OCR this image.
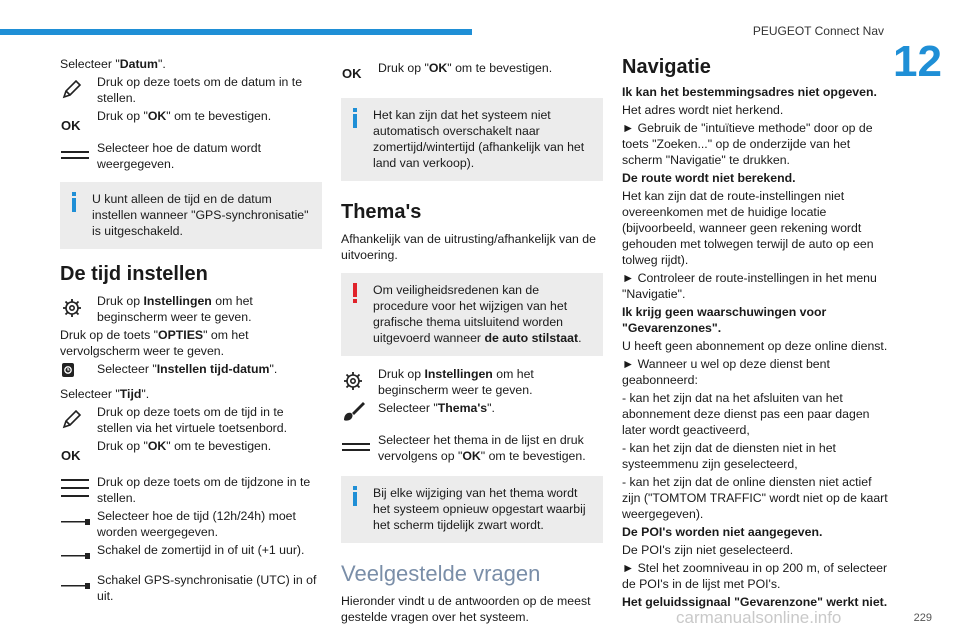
PEUGEOT Connect Nav
12

Selecteer "Datum".

Druk op deze toets om de datum in te stellen.
OK
Druk op "OK" om te bevestigen.
Selecteer hoe de datum wordt weergegeven.
U kunt alleen de tijd en de datum instellen wanneer "GPS-synchronisatie" is uitgeschakeld.
De tijd instellen
Druk op Instellingen om het beginscherm weer te geven.

Druk op de toets "OPTIES" om het vervolgscherm weer te geven.

Selecteer "Instellen tijd-datum".

Selecteer "Tijd".

Druk op deze toets om de tijd in te stellen via het virtuele toetsenbord.
OK
Druk op "OK" om te bevestigen.
Druk op deze toets om de tijdzone in te stellen.
Selecteer hoe de tijd (12h/24h) moet worden weergegeven.
Schakel de zomertijd in of uit (+1 uur).
Schakel GPS-synchronisatie (UTC) in of uit.
OK	Druk op "OK" om te bevestigen.
Het kan zijn dat het systeem niet automatisch overschakelt naar zomertijd/wintertijd (afhankelijk van het land van verkoop).
Thema's

Afhankelijk van de uitrusting/afhankelijk van de uitvoering.

Om veiligheidsredenen kan de procedure voor het wijzigen van het grafische thema uitsluitend worden uitgevoerd wanneer de auto stilstaat.
Druk op Instellingen om het beginscherm weer te geven.
Selecteer "Thema's".
Selecteer het thema in de lijst en druk vervolgens op "OK" om te bevestigen.
Bij elke wijziging van het thema wordt het systeem opnieuw opgestart waarbij het scherm tijdelijk zwart wordt.
Veelgestelde vragen

Hieronder vindt u de antwoorden op de meest gestelde vragen over het systeem.

Navigatie

Ik kan het bestemmingsadres niet opgeven.

Het adres wordt niet herkend.

► Gebruik de "intuïtieve methode" door op de toets "Zoeken..." op de onderzijde van het scherm "Navigatie" te drukken.

De route wordt niet berekend.

Het kan zijn dat de route-instellingen niet overeenkomen met de huidige locatie (bijvoorbeeld, wanneer geen rekening wordt gehouden met tolwegen terwijl de auto op een tolweg rijdt).

► Controleer de route-instellingen in het menu "Navigatie".

Ik krijg geen waarschuwingen voor "Gevarenzones".

U heeft geen abonnement op deze online dienst.

► Wanneer u wel op deze dienst bent geabonneerd:

- kan het zijn dat na het afsluiten van het abonnement deze dienst pas een paar dagen later wordt geactiveerd,

- kan het zijn dat de diensten niet in het systeemmenu zijn geselecteerd,

- kan het zijn dat de online diensten niet actief zijn ("TOMTOM TRAFFIC" wordt niet op de kaart weergegeven).

De POI's worden niet aangegeven.

De POI's zijn niet geselecteerd.

► Stel het zoomniveau in op 200 m, of selecteer de POI's in de lijst met POI's.

Het geluidssignaal "Gevarenzone" werkt niet.

229
carmanualsonline.info
